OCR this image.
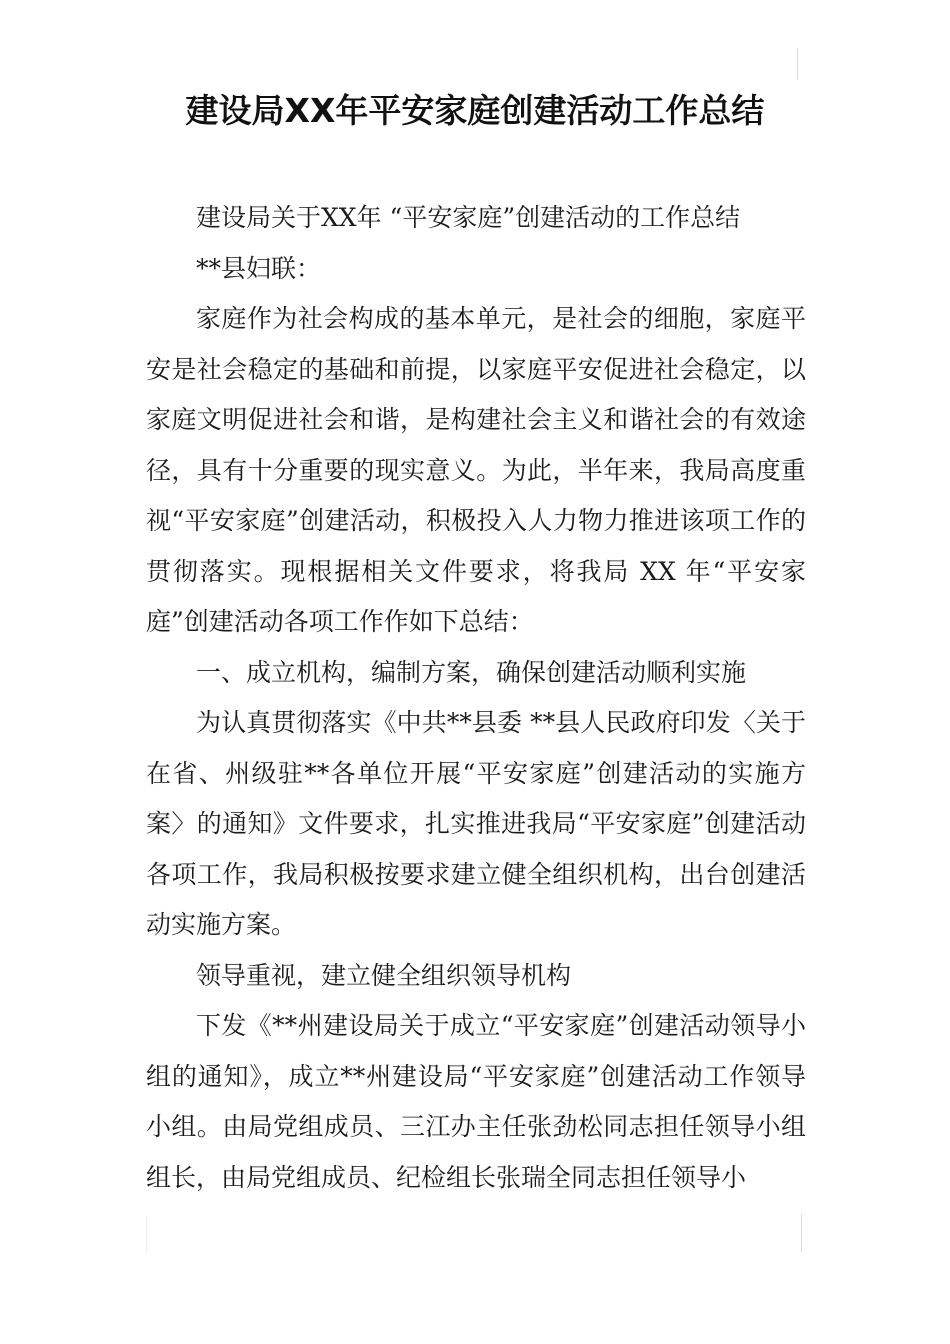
建设局XX年平安家庭创建活动工作总结

建设局关于XX年 “平安家庭”创建活动的工作总结

**县妇联：

家庭作为社会构成的基本单元，是社会的细胞，家庭平安是社会稳定的基础和前提，以家庭平安促进社会稳定，以家庭文明促进社会和谐，是构建社会主义和谐社会的有效途径，具有十分重要的现实意义。为此，半年来，我局高度重视“平安家庭”创建活动，积极投入人力物力推进该项工作的贯彻落实。现根据相关文件要求，将我局 XX 年“平安家庭”创建活动各项工作作如下总结：

一、成立机构，编制方案，确保创建活动顺利实施

为认真贯彻落实《中共**县委 **县人民政府印发〈关于在省、州级驻**各单位开展“平安家庭”创建活动的实施方案〉的通知》文件要求，扎实推进我局“平安家庭”创建活动各项工作，我局积极按要求建立健全组织机构，出台创建活动实施方案。

领导重视，建立健全组织领导机构

下发《**州建设局关于成立“平安家庭”创建活动领导小组的通知》，成立**州建设局“平安家庭”创建活动工作领导小组。由局党组成员、三江办主任张劲松同志担任领导小组组长，由局党组成员、纪检组长张瑞全同志担任领导小
